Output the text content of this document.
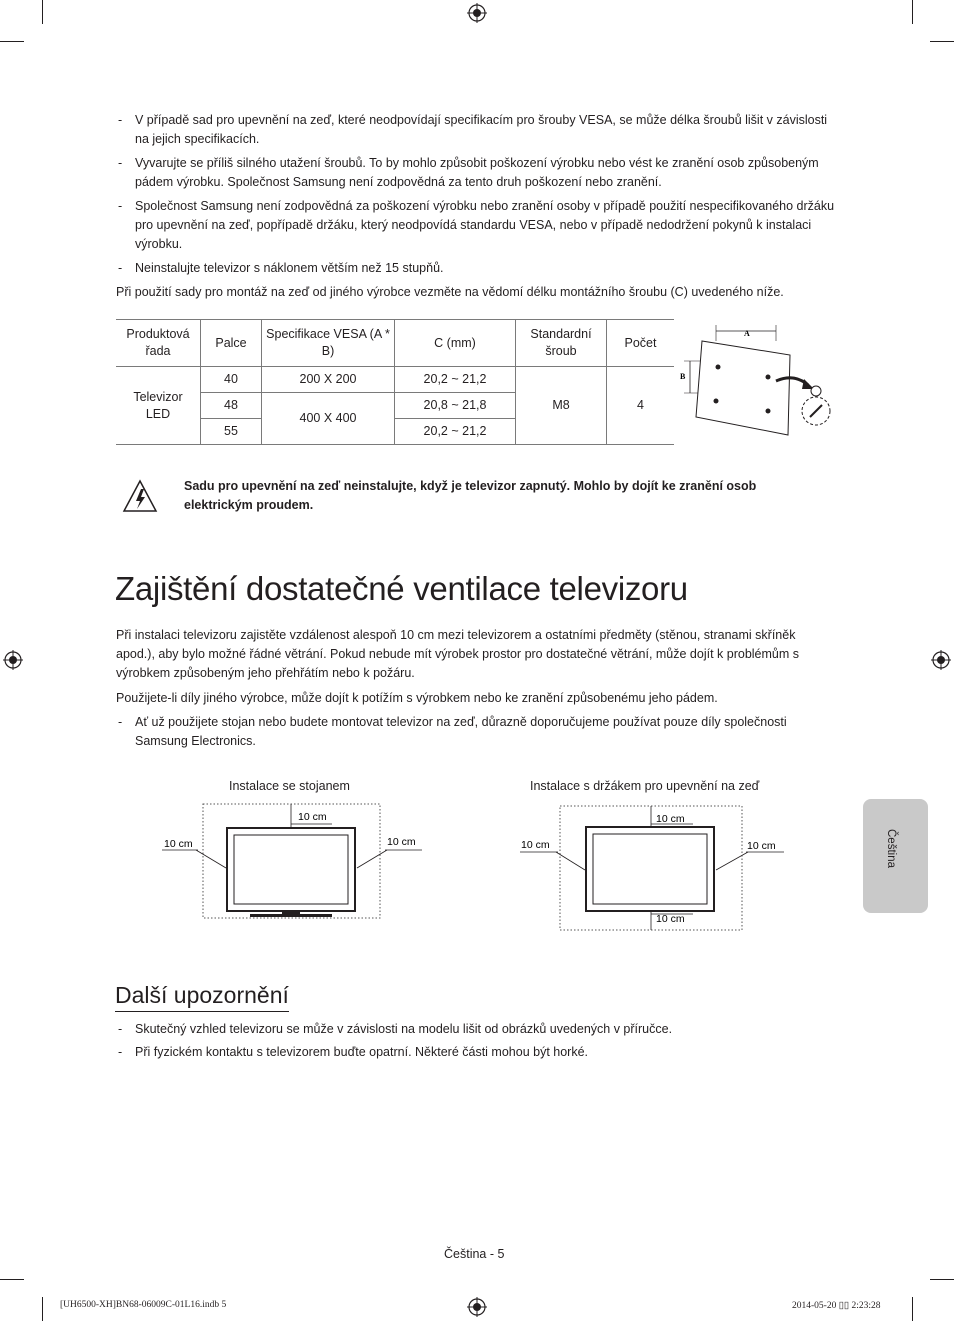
- V případě sad pro upevnění na zeď, které neodpovídají specifikacím pro šrouby VESA, se může délka šroubů lišit v závislosti na jejich specifikacích.
- Vyvarujte se příliš silného utažení šroubů. To by mohlo způsobit poškození výrobku nebo vést ke zranění osob způsobeným pádem výrobku. Společnost Samsung není zodpovědná za tento druh poškození nebo zranění.
- Společnost Samsung není zodpovědná za poškození výrobku nebo zranění osoby v případě použití nespecifikovaného držáku pro upevnění na zeď, popřípadě držáku, který neodpovídá standardu VESA, nebo v případě nedodržení pokynů k instalaci výrobku.
- Neinstalujte televizor s náklonem větším než 15 stupňů.
Při použití sady pro montáž na zeď od jiného výrobce vezměte na vědomí délku montážního šroubu (C) uvedeného níže.
Produktová řada	Palce	Specifikace VESA (A * B)	C (mm)	Standardní šroub	Počet
Televizor LED	40	200 X 200	20,2 ~ 21,2	M8	4
	48	400 X 400	20,8 ~ 21,8		
	55		20,2 ~ 21,2		
A
B
Sadu pro upevnění na zeď neinstalujte, když je televizor zapnutý. Mohlo by dojít ke zranění osob elektrickým proudem.
Zajištění dostatečné ventilace televizoru
Při instalaci televizoru zajistěte vzdálenost alespoň 10 cm mezi televizorem a ostatními předměty (stěnou, stranami skříněk apod.), aby bylo možné řádné větrání. Pokud nebude mít výrobek prostor pro dostatečné větrání, může dojít k problémům s výrobkem způsobeným jeho přehřátím nebo k požáru.
Použijete-li díly jiného výrobce, může dojít k potížím s výrobkem nebo ke zranění způsobenému jeho pádem.
- Ať už použijete stojan nebo budete montovat televizor na zeď, důrazně doporučujeme používat pouze díly společnosti Samsung Electronics.
Instalace se stojanem	Instalace s držákem pro upevnění na zeď
10 cm	10 cm
10 cm
10 cm	10 cm
10 cm
10 cm
Čeština
Další upozornění
- Skutečný vzhled televizoru se může v závislosti na modelu lišit od obrázků uvedených v příručce.
- Při fyzickém kontaktu s televizorem buďte opatrní. Některé části mohou být horké.
Čeština - 5
[UH6500-XH]BN68-06009C-01L16.indb 5	2014-05-20 ▯▯ 2:23:28
